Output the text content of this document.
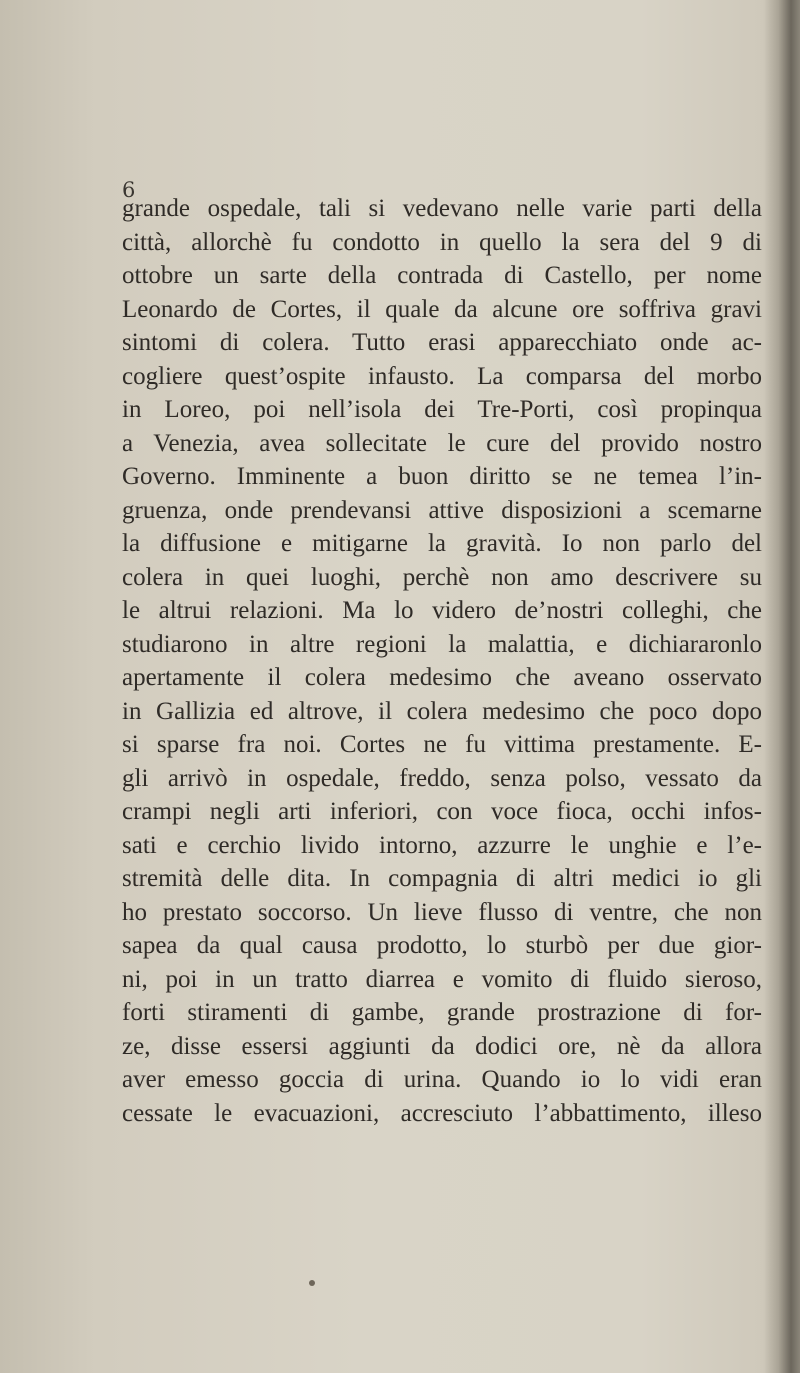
6
grande ospedale, tali si vedevano nelle varie parti della
città, allorchè fu condotto in quello la sera del 9 di
ottobre un sarte della contrada di Castello, per nome
Leonardo de Cortes, il quale da alcune ore soffriva gravi
sintomi di colera. Tutto erasi apparecchiato onde ac-
cogliere quest’ospite infausto. La comparsa del morbo
in Loreo, poi nell’isola dei Tre-Porti, così propinqua
a Venezia, avea sollecitate le cure del provido nostro
Governo. Imminente a buon diritto se ne temea l’in-
gruenza, onde prendevansi attive disposizioni a scemarne
la diffusione e mitigarne la gravità. Io non parlo del
colera in quei luoghi, perchè non amo descrivere su
le altrui relazioni. Ma lo videro de’nostri colleghi, che
studiarono in altre regioni la malattia, e dichiararonlo
apertamente il colera medesimo che aveano osservato
in Gallizia ed altrove, il colera medesimo che poco dopo
si sparse fra noi. Cortes ne fu vittima prestamente. E-
gli arrivò in ospedale, freddo, senza polso, vessato da
crampi negli arti inferiori, con voce fioca, occhi infos-
sati e cerchio livido intorno, azzurre le unghie e l’e-
stremità delle dita. In compagnia di altri medici io gli
ho prestato soccorso. Un lieve flusso di ventre, che non
sapea da qual causa prodotto, lo sturbò per due gior-
ni, poi in un tratto diarrea e vomito di fluido sieroso,
forti stiramenti di gambe, grande prostrazione di for-
ze, disse essersi aggiunti da dodici ore, nè da allora
aver emesso goccia di urina. Quando io lo vidi eran
cessate le evacuazioni, accresciuto l’abbattimento, illeso
